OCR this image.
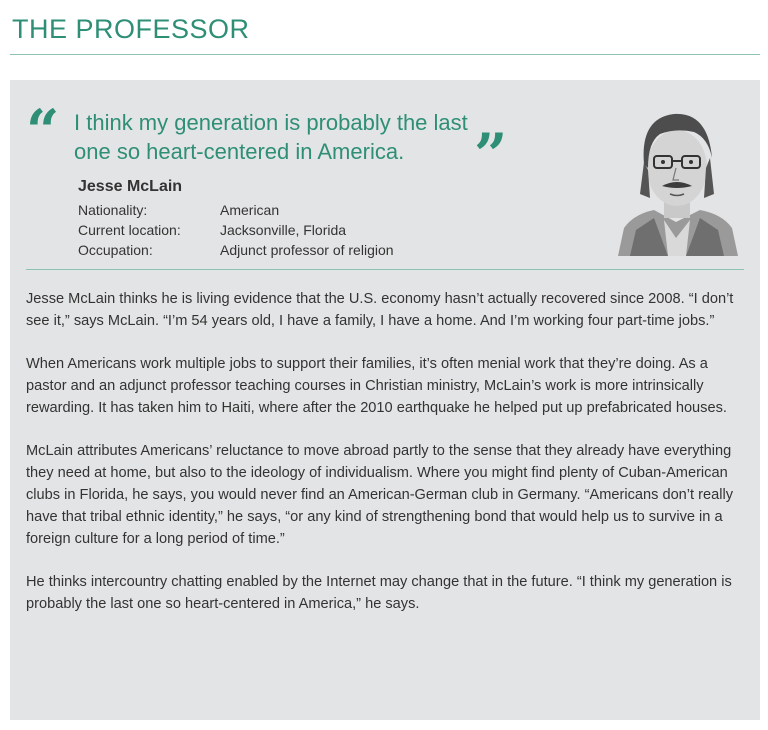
THE PROFESSOR
“ I think my generation is probably the last one so heart-centered in America.	”
Jesse McLain
Nationality:	American
Current location:	Jacksonville, Florida
Occupation:	Adjunct professor of religion

Jesse McLain thinks he is living evidence that the U.S. economy hasn’t actually recovered since 2008. “I don’t see it,” says McLain. “I’m 54 years old, I have a family, I have a home. And I’m working four part-time jobs.”

When Americans work multiple jobs to support their families, it’s often menial work that they’re doing. As a pastor and an adjunct professor teaching courses in Christian ministry, McLain’s work is more intrinsically rewarding. It has taken him to Haiti, where after the 2010 earthquake he helped put up prefabricated houses.

McLain attributes Americans’ reluctance to move abroad partly to the sense that they already have everything they need at home, but also to the ideology of individualism. Where you might find plenty of Cuban-American clubs in Florida, he says, you would never find an American-German club in Germany. “Americans don’t really have that tribal ethnic identity,” he says, “or any kind of strengthening bond that would help us to survive in a foreign culture for a long period of time.”

He thinks intercountry chatting enabled by the Internet may change that in the future. “I think my generation is probably the last one so heart-centered in America,” he says.
